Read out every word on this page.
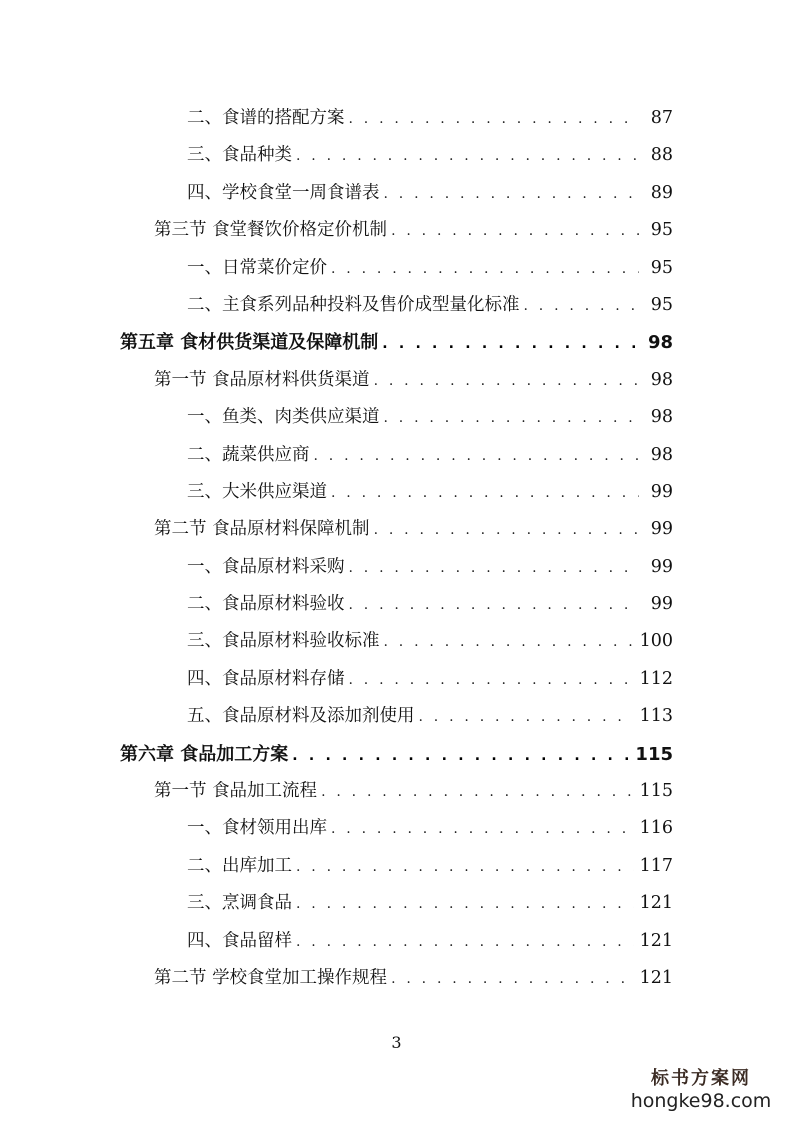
二、食谱的搭配方案 . . .	87
三、食品种类 . . .	88
四、学校食堂一周食谱表 . . .	89
第三节 食堂餐饮价格定价机制 . . .	95
一、日常菜价定价 . . .	95
二、主食系列品种投料及售价成型量化标准 . . .	95
第五章 食材供货渠道及保障机制 . . .	98
第一节 食品原材料供货渠道 . . .	98
一、鱼类、肉类供应渠道 . . .	98
二、蔬菜供应商 . . .	98
三、大米供应渠道 . . .	99
第二节 食品原材料保障机制 . . .	99
一、食品原材料采购 . . .	99
二、食品原材料验收 . . .	99
三、食品原材料验收标准 . . .	100
四、食品原材料存储 . . .	112
五、食品原材料及添加剂使用 . . .	113
第六章 食品加工方案 . . .	115
第一节 食品加工流程 . . .	115
一、食材领用出库 . . .	116
二、出库加工 . . .	117
三、烹调食品 . . .	121
四、食品留样 . . .	121
第二节 学校食堂加工操作规程 . . .	121
3
标书方案网
hongke98.com
